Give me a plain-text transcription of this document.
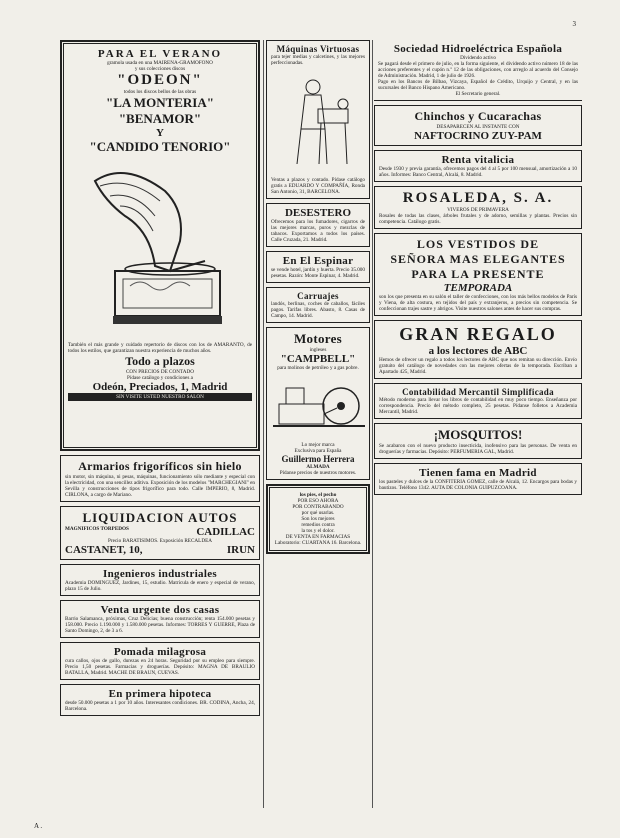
3
PARA EL VERANO
gramola usada en una MAIRENA-GRAMOFONO
y sus colecciones discos
"ODEON"
todos los discos bellos de las obras
"LA MONTERIA"
"BENAMOR"
Y
"CANDIDO TENORIO"
También el más grande y cuidado repertorio de discos con los de AMARANTO, de todos los estilos, que garantizan nuestra experiencia de muchos años.
Todo a plazos
CON PRECIOS DE CONTADO
Pídase catálogo y condiciones a
Odeón, Preciados, 1, Madrid
SIN VISITE USTED NUESTRO SALON
Armarios frigoríficos sin hielo
sin motor, sin máquina, ni pesas, máquinas, funcionamiento sólo mediante y especial con la electricidad, con una sencillez aditiva. Exposición de los modelos "MARCHEGIANI" en Sevilla y construcciones de tipos frigorífico para todo. Calle IMPERIO, 8, Madrid. CIRLONA, a cargo de Mariano.
LIQUIDACION AUTOS
MAGNIFICOS TORPEDOS	CADILLAC
Precio BARATISIMOS. Exposición RECALDEA
CASTANET, 10,	IRUN
Ingenieros industriales
Academia DOMINGUEZ, Jardines, 15, estudio. Matrícula de enero y especial de verano, plazo 15 de Julio.
Venta urgente dos casas
Barrio Salamanca, próximas, Cruz Delicias; buena construcción; renta 154.000 pesetas y 158.000. Precio 1.190.000 y 1.580.000 pesetas. Informes: TORRES Y GUERRE, Plaza de Santo Domingo, 2, de 3 a 6.
Pomada milagrosa
cura callos, ojos de gallo, durezas en 24 horas. Seguridad por su empleo para siempre. Precio 1,50 pesetas. Farmacias y droguerías. Depósito: MAGNA DE BRAULIO BATALLA, Madrid. MACHE DE BRAUN, CUEVAS.
En primera hipoteca
desde 50.000 pesetas a 1 por 10 años. Interesantes condiciones. BR. CODINA, Ancha, 24, Barcelona.
Máquinas Virtuosas
para tejer medias y calcetines, y las mejores perfeccionadas.
Ventas a plazos y contado. Pídase catálogo gratis a EDUARDO Y COMPAÑÍA, Ronda San Antonio, 31, BARCELONA.
DESESTERO
Ofrecemos para los fumadores, cigarros de las mejores marcas, puros y mezclas de tabacos. Exportamos a todos los países. Calle Cruzada, 21. Madrid.
En El Espinar
se vende hotel, jardín y huerta. Precio 35.000 pesetas. Razón: Monte Espinar, 4. Madrid.
Carruajes
landós, berlinas, coches de caballos, fáciles pagos. Tarifas libres. Abasto, 8. Casas de Campo, 14. Madrid.
Motores
ingleses
"CAMPBELL"
para molinos de petróleo y a gas pobre.
Lo mejor marca
Exclusiva para España
Guillermo Herrera
ALMADA
Pídanse precios de nuestros motores.
los pies, el pecho
POR ESO AHORA
POR CONTRABANDO
por qué usarlas.
Son los mejores
remedios contra
la tos y el dolor.
DE VENTA EN FARMACIAS
Laboratorio: CUARTANA 16. Barcelona.
Sociedad Hidroeléctrica Española
Dividendo activo
Se pagará desde el primero de julio, en la forma siguiente, el dividendo activo número 18 de las acciones preferentes y el cupón n.º 12 de las obligaciones, con arreglo al acuerdo del Consejo de Administración. Madrid, 1 de julio de 1926.
Pago en los Bancos de Bilbao, Vizcaya, Español de Crédito, Urquijo y Central, y en las sucursales del Banco Hispano Americano.
El Secretario general.
Chinchos y Cucarachas
DESAPARECEN AL INSTANTE CON
NAFTOCRINO ZUY-PAM
Renta vitalicia
Desde 1930 y previa garantía, ofrecemos pagos del 4 al 5 por 100 mensual, amortización a 10 años. Informes: Banco Central, Alcalá, 8. Madrid.
ROSALEDA, S. A.
VIVEROS DE PRIMAVERA
Rosales de todas las clases, árboles frutales y de adorno, semillas y plantas. Precios sin competencia. Catálogo gratis.
LOS VESTIDOS DE
SEÑORA MAS ELEGANTES
PARA LA PRESENTE
TEMPORADA
son los que presenta en su salón el taller de confecciones, con los más bellos modelos de París y Viena, de alta costura, en tejidos del país y extranjeros, a precios sin competencia. Se confeccionan trajes sastre y abrigos. Visite nuestros salones antes de hacer sus compras.
GRAN REGALO
a los lectores de ABC
Hemos de ofrecer un regalo a todos los lectores de ABC que nos remitan su dirección. Envío gratuito del catálogo de novedades con las mejores ofertas de la temporada. Escriban a Apartado 425, Madrid.
Contabilidad Mercantil Simplificada
Método moderno para llevar los libros de contabilidad en muy poco tiempo. Enseñanza por correspondencia. Precio del método completo, 25 pesetas. Pídanse folletos a Academia Mercantil, Madrid.
¡MOSQUITOS!
Se acabaron con el nuevo producto insecticida, inofensivo para las personas. De venta en droguerías y farmacias. Depósito: PERFUMERIA GAL, Madrid.
Tienen fama en Madrid
los pasteles y dulces de la CONFITERIA GOMEZ, calle de Alcalá, 12. Encargos para bodas y bautizos. Teléfono 1342. AUTA DE COLONIA GUIPUZCOANA.
A .
